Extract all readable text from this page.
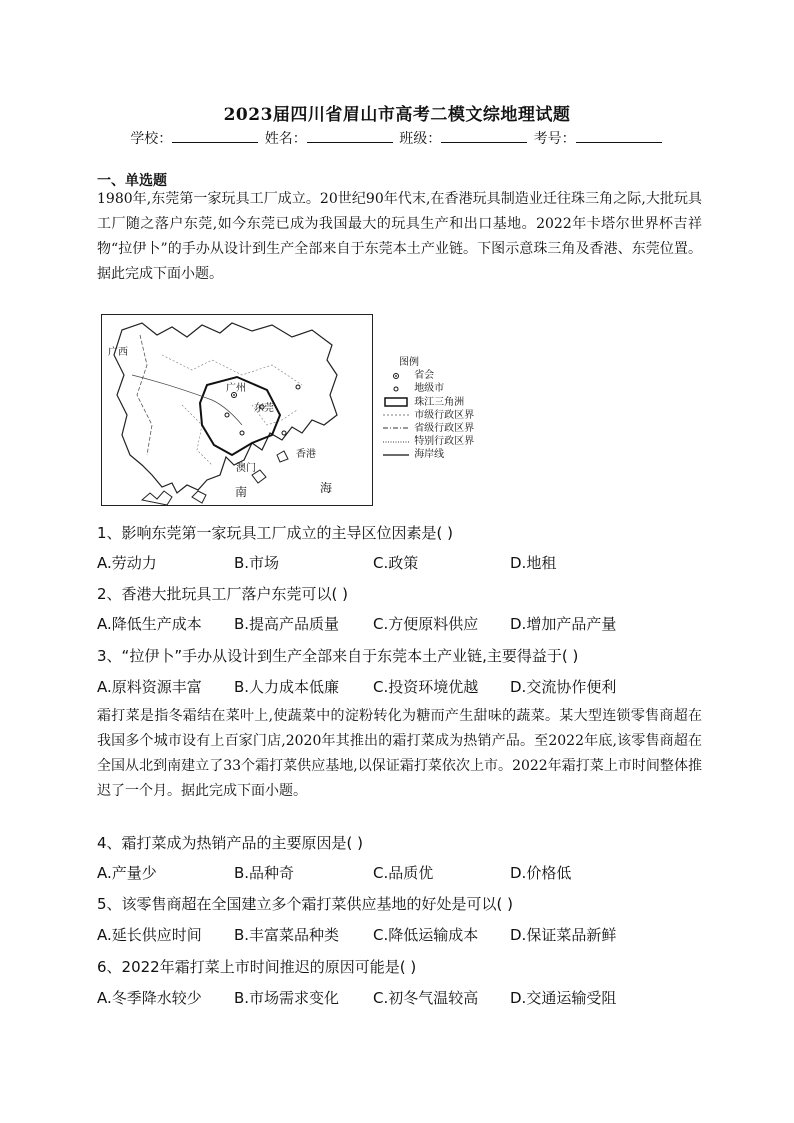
2023届四川省眉山市高考二模文综地理试题
学校：	姓名：	班级：	考号：
一、单选题
1980年,东莞第一家玩具工厂成立。20世纪90年代末,在香港玩具制造业迁往珠三角之际,大批玩具工厂随之落户东莞,如今东莞已成为我国最大的玩具生产和出口基地。2022年卡塔尔世界杯吉祥物“拉伊卜”的手办从设计到生产全部来自于东莞本土产业链。下图示意珠三角及香港、东莞位置。据此完成下面小题。
广西
广州
东莞
澳门
香港
南	海
图例
省会
地级市
珠江三角洲
市级行政区界
省级行政区界
特别行政区界
海岸线
1、影响东莞第一家玩具工厂成立的主导区位因素是( )
A.劳动力	B.市场	C.政策	D.地租
2、香港大批玩具工厂落户东莞可以( )
A.降低生产成本 B.提高产品质量 C.方便原料供应 D.增加产品产量
3、“拉伊卜”手办从设计到生产全部来自于东莞本土产业链,主要得益于( )
A.原料资源丰富 B.人力成本低廉 C.投资环境优越 D.交流协作便利
霜打菜是指冬霜结在菜叶上,使蔬菜中的淀粉转化为糖而产生甜味的蔬菜。某大型连锁零售商超在我国多个城市设有上百家门店,2020年其推出的霜打菜成为热销产品。至2022年底,该零售商超在全国从北到南建立了33个霜打菜供应基地,以保证霜打菜依次上市。2022年霜打菜上市时间整体推迟了一个月。据此完成下面小题。
4、霜打菜成为热销产品的主要原因是( )
A.产量少	B.品种奇	C.品质优	D.价格低
5、该零售商超在全国建立多个霜打菜供应基地的好处是可以( )
A.延长供应时间 B.丰富菜品种类 C.降低运输成本 D.保证菜品新鲜
6、2022年霜打菜上市时间推迟的原因可能是( )
A.冬季降水较少 B.市场需求变化 C.初冬气温较高 D.交通运输受阻
